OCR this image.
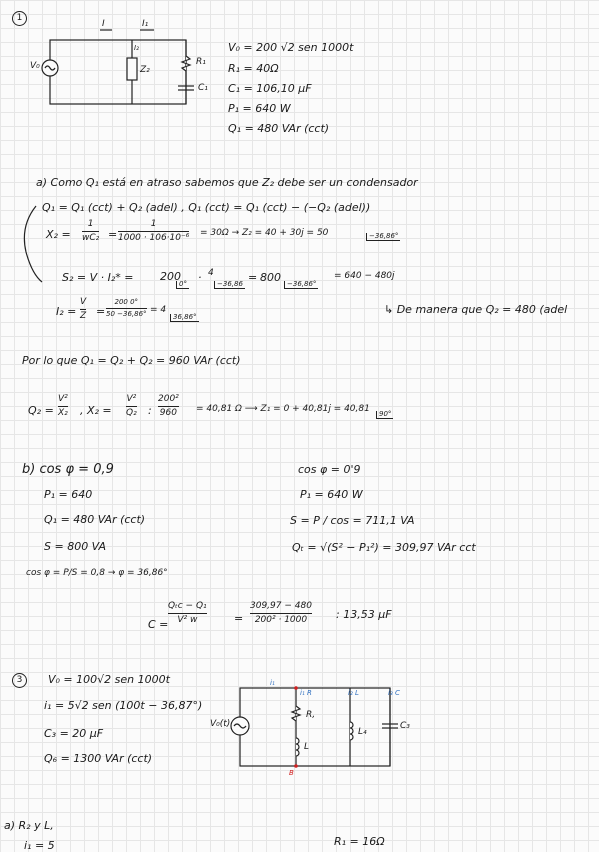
1
I	I₁
I₂
Z₂
V₀	R₁
C₁
V₀ = 200 √2 sen 1000t
R₁ = 40Ω
C₁ = 106,10 μF
P₁ = 640 W
Q₁ = 480 VAr (cct)
a) Como Q₁ está en atraso sabemos que Z₂ debe ser un condensador
Q₁ = Q₁ (cct) + Q₂ (adel) , Q₁ (cct) = Q₁ (cct) − (−Q₂ (adel))
X₂ =
1
wC₂ =
1
1000 · 106·10⁻⁶ = 30Ω → Z₂ = 40 + 30j = 50	−36,86°
S₂ = V · I₂* = 200
0° · 4
−36,86 = 800 −36,86°
= 640 − 480j
I₂ =
V
Z =
200 0°
50 −36,86° = 4
36,86°
↳ De manera que Q₂ = 480 (adel
Por lo que Q₁ = Q₂ + Q₂ = 960 VAr (cct)
Q₂ =
V²
X₂ , X₂ =
V²
Q₂ :
200²
960 = 40,81 Ω ⟶ Z₁ = 0 + 40,81j = 40,81	90°
b) cos φ = 0,9
P₁ = 640
Q₁ = 480 VAr (cct)
S = 800 VA
cos φ = P/S = 0,8 → φ = 36,86°
cos φ = 0'9
P₁ = 640 W
S = P / cos = 711,1 VA
Qₜ = √(S² − P₁²) = 309,97 VAr cct
C =
Qₜc − Q₁
V² w	=
309,97 − 480
200² · 1000	: 13,53 μF
3	V₀ = 100√2 sen 1000t
i₁ = 5√2 sen (100t − 36,87°)
C₃ = 20 μF
Q₆ = 1300 VAr (cct)
V₀(t)
R,
L
L₄
C₃
i₁
i₁ R	i₂ L	i₃ C
B
a) R₂ y L,
i₁ = 5	R₁ = 16Ω
